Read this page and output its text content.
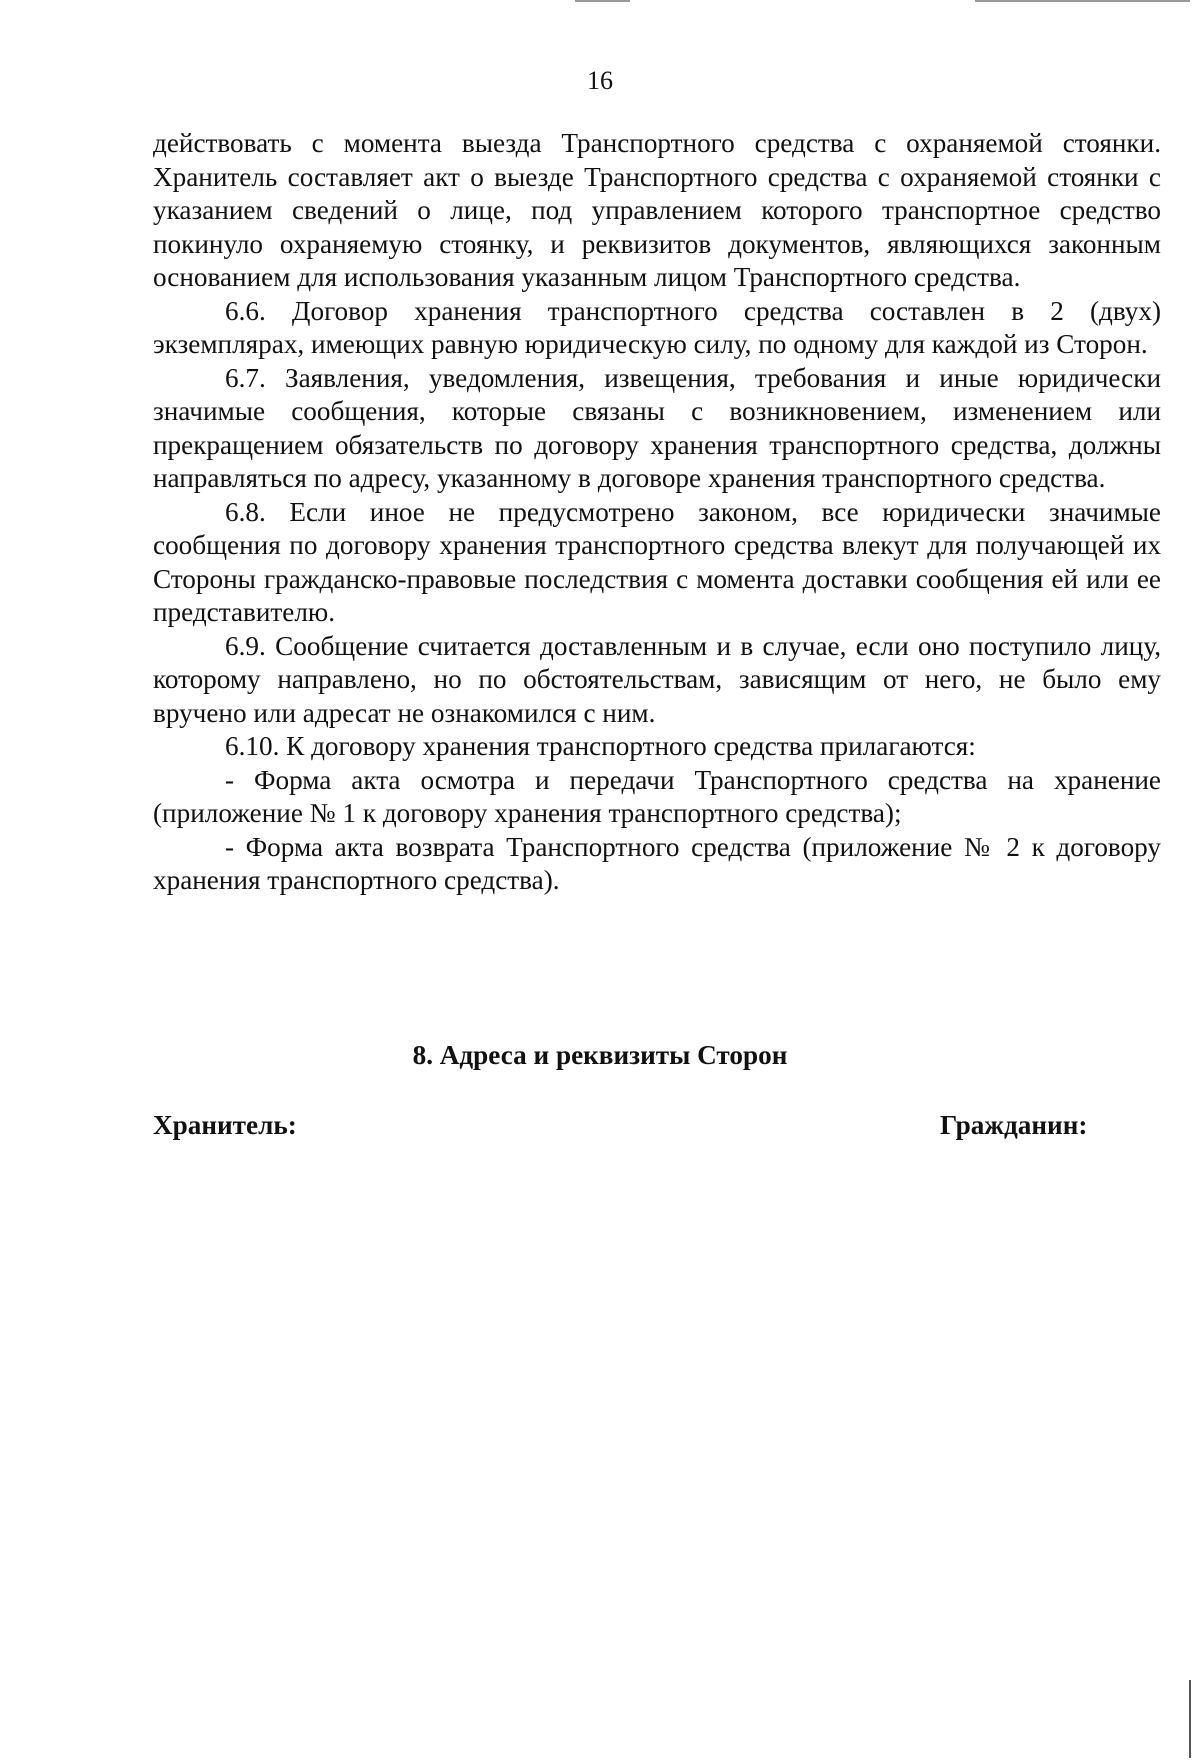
16

действовать с момента выезда Транспортного средства с охраняемой стоянки. Хранитель составляет акт о выезде Транспортного средства с охраняемой стоянки с указанием сведений о лице, под управлением которого транспортное средство покинуло охраняемую стоянку, и реквизитов документов, являющихся законным основанием для использования указанным лицом Транспортного средства.

6.6. Договор хранения транспортного средства составлен в 2 (двух) экземплярах, имеющих равную юридическую силу, по одному для каждой из Сторон.

6.7. Заявления, уведомления, извещения, требования и иные юридически значимые сообщения, которые связаны с возникновением, изменением или прекращением обязательств по договору хранения транспортного средства, должны направляться по адресу, указанному в договоре хранения транспортного средства.

6.8. Если иное не предусмотрено законом, все юридически значимые сообщения по договору хранения транспортного средства влекут для получающей их Стороны гражданско-правовые последствия с момента доставки сообщения ей или ее представителю.

6.9. Сообщение считается доставленным и в случае, если оно поступило лицу, которому направлено, но по обстоятельствам, зависящим от него, не было ему вручено или адресат не ознакомился с ним.

6.10. К договору хранения транспортного средства прилагаются:

- Форма акта осмотра и передачи Транспортного средства на хранение (приложение № 1 к договору хранения транспортного средства);

- Форма акта возврата Транспортного средства (приложение № 2 к договору хранения транспортного средства).

8. Адреса и реквизиты Сторон
Хранитель:	Гражданин:
